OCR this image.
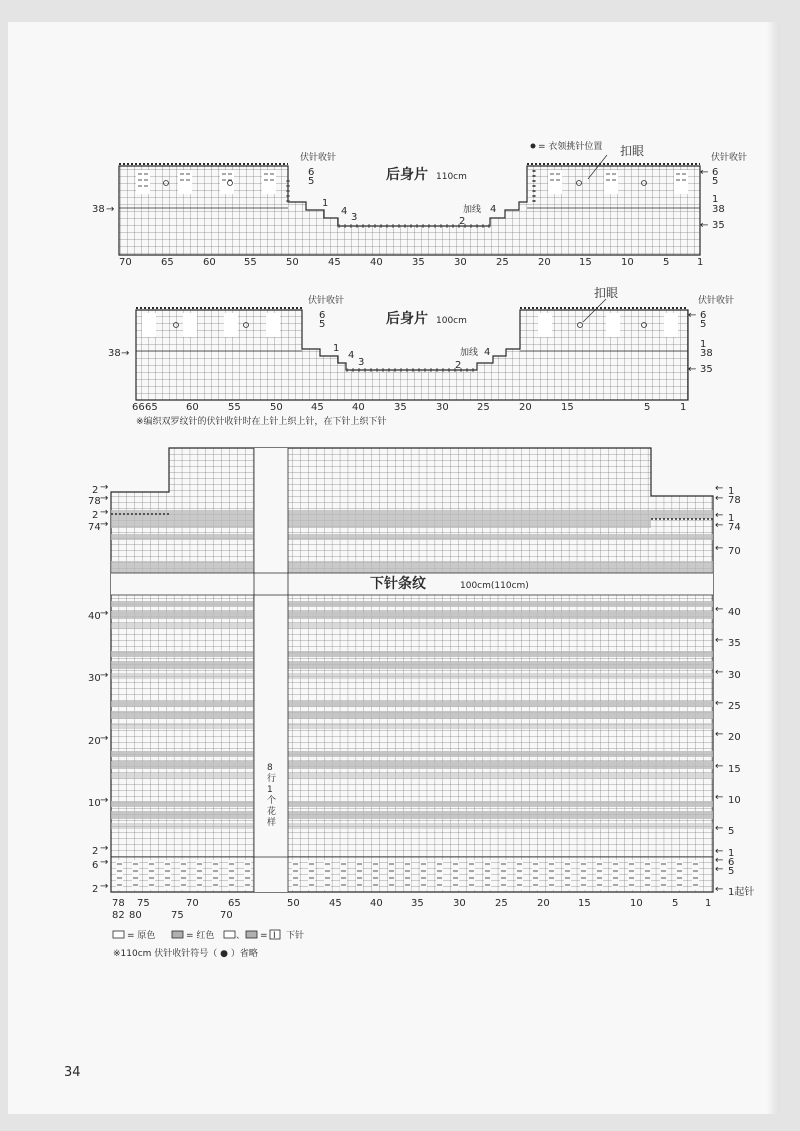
伏针收针	伏针收针
后身片 110cm
= 衣领挑针位置 扣眼
6
5
1
4
3
加线 4
2
6
5
1
38
35
38 →
←
←
70	65	60	55	50	45	40	35	30	25	20	15	10	5	1
伏针收针	伏针收针
后身片 100cm
扣眼
6
5
1
4
3
加线 4
2
6
5
1
38
35
38 →
←
←
66 65	60	55	50	45	40	35	30	25	20	15	5	1
※编织双罗纹针的伏针收针时在上针上织上针，在下针上织下针
下针条纹	100cm(110cm)
8
行
1
个
花
样
2
78
2
74
40
30
20
10
2
6
2
→
→
→
→
→
→
→
→
→
→
→
1
78
1
74
70
40
35
30
25
20
15
10
5
1
6
5
1起针
←
←
←
←
←
←
←
←
←
←
←
←
←
←
←
←
←
78 75	70	65	50	45	40	35	30	25	20	15	10	5	1
82 80	75	70
= 原色	= 红色 、 = I 下针
※110cm 伏针收针符号（ ● ）省略
34
